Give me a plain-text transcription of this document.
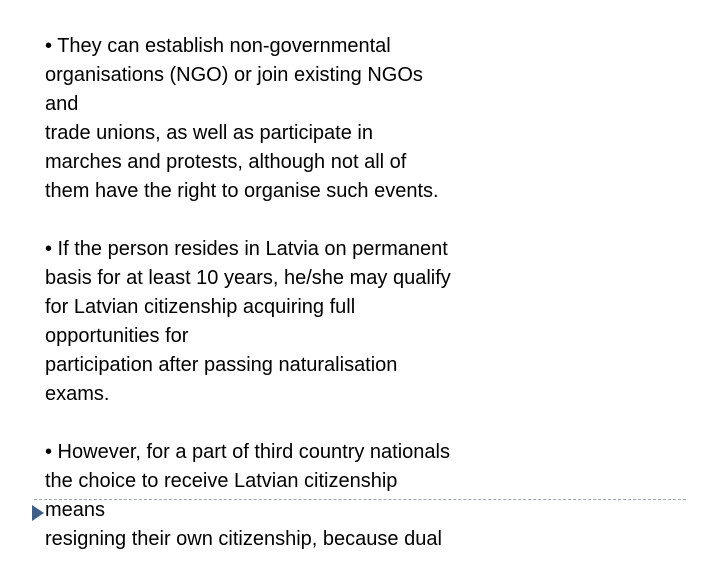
• They can establish non-governmental
organisations (NGO) or join existing NGOs
and
trade unions, as well as participate in
marches and protests, although not all of
them have the right to organise such events.

• If the person resides in Latvia on permanent
basis for at least 10 years, he/she may qualify
for Latvian citizenship acquiring full
opportunities for
participation after passing naturalisation
exams.

• However, for a part of third country nationals
the choice to receive Latvian citizenship
means
resigning their own citizenship, because dual
